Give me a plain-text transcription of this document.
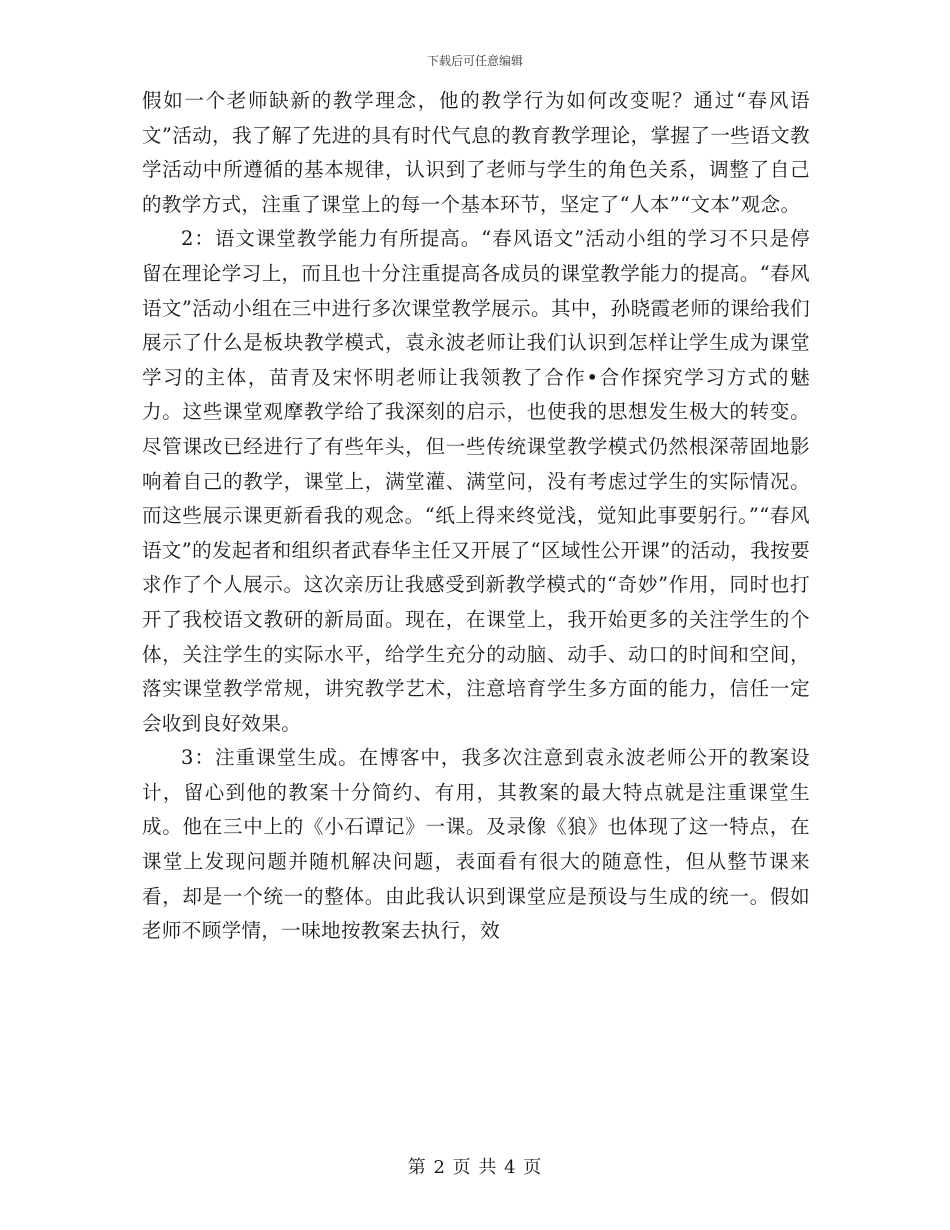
下载后可任意编辑

假如一个老师缺新的教学理念，他的教学行为如何改变呢？通过“春风语文”活动，我了解了先进的具有时代气息的教育教学理论，掌握了一些语文教学活动中所遵循的基本规律，认识到了老师与学生的角色关系，调整了自己的教学方式，注重了课堂上的每一个基本环节，坚定了“人本”“文本”观念。

2：语文课堂教学能力有所提高。“春风语文”活动小组的学习不只是停留在理论学习上，而且也十分注重提高各成员的课堂教学能力的提高。“春风语文”活动小组在三中进行多次课堂教学展示。其中，孙晓霞老师的课给我们展示了什么是板块教学模式，袁永波老师让我们认识到怎样让学生成为课堂学习的主体，苗青及宋怀明老师让我领教了合作•合作探究学习方式的魅力。这些课堂观摩教学给了我深刻的启示，也使我的思想发生极大的转变。尽管课改已经进行了有些年头，但一些传统课堂教学模式仍然根深蒂固地影响着自己的教学，课堂上，满堂灌、满堂问，没有考虑过学生的实际情况。而这些展示课更新看我的观念。“纸上得来终觉浅，觉知此事要躬行。”“春风语文”的发起者和组织者武春华主任又开展了“区域性公开课”的活动，我按要求作了个人展示。这次亲历让我感受到新教学模式的“奇妙”作用，同时也打开了我校语文教研的新局面。现在，在课堂上，我开始更多的关注学生的个体，关注学生的实际水平，给学生充分的动脑、动手、动口的时间和空间，落实课堂教学常规，讲究教学艺术，注意培育学生多方面的能力，信任一定会收到良好效果。

3：注重课堂生成。在博客中，我多次注意到袁永波老师公开的教案设计，留心到他的教案十分简约、有用，其教案的最大特点就是注重课堂生成。他在三中上的《小石谭记》一课。及录像《狼》也体现了这一特点，在课堂上发现问题并随机解决问题，表面看有很大的随意性，但从整节课来看，却是一个统一的整体。由此我认识到课堂应是预设与生成的统一。假如老师不顾学情，一味地按教案去执行，效

第 2 页 共 4 页
